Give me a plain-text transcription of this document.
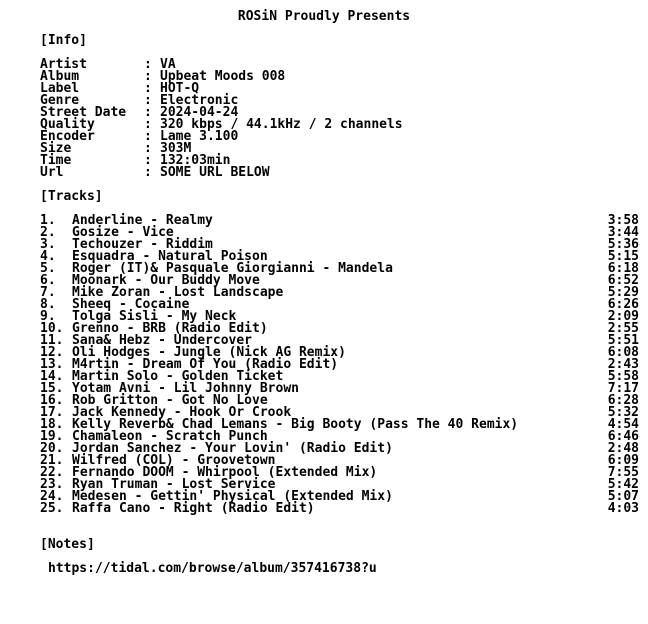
ROSiN Proudly Presents
[Info]
Artist	: VA
Album	: Upbeat Moods 008
Label	: HOT-Q
Genre	: Electronic
Street Date : 2024-04-24
Quality	: 320 kbps / 44.1kHz / 2 channels
Encoder	: Lame 3.100
Size	: 303M
Time	: 132:03min
Url	: SOME URL BELOW
[Tracks]
1. Anderline - Realmy	3:58
2. Gosize - Vice	3:44
3. Techouzer - Riddim	5:36
4. Esquadra - Natural Poison	5:15
5. Roger (IT)& Pasquale Giorgianni - Mandela	6:18
6. Moonark - Our Buddy Move	6:52
7. Mike Zoran - Lost Landscape	5:29
8. Sheeq - Cocaine	6:26
9. Tolga Sisli - My Neck	2:09
10. Grenno - BRB (Radio Edit)	2:55
11. Sana& Hebz - Undercover	5:51
12. Oli Hodges - Jungle (Nick AG Remix)	6:08
13. M4rtin - Dream Of You (Radio Edit)	2:43
14. Martin Solo - Golden Ticket	5:58
15. Yotam Avni - Lil Johnny Brown	7:17
16. Rob Gritton - Got No Love	6:28
17. Jack Kennedy - Hook Or Crook	5:32
18. Kelly Reverb& Chad Lemans - Big Booty (Pass The 40 Remix)	4:54
19. Chamaleon - Scratch Punch	6:46
20. Jordan Sanchez - Your Lovin' (Radio Edit)	2:48
21. Wilfred (COL) - Groovetown	6:09
22. Fernando DOOM - Whirpool (Extended Mix)	7:55
23. Ryan Truman - Lost Service	5:42
24. Medesen - Gettin' Physical (Extended Mix)	5:07
25. Raffa Cano - Right (Radio Edit)	4:03
[Notes]
https://tidal.com/browse/album/357416738?u
